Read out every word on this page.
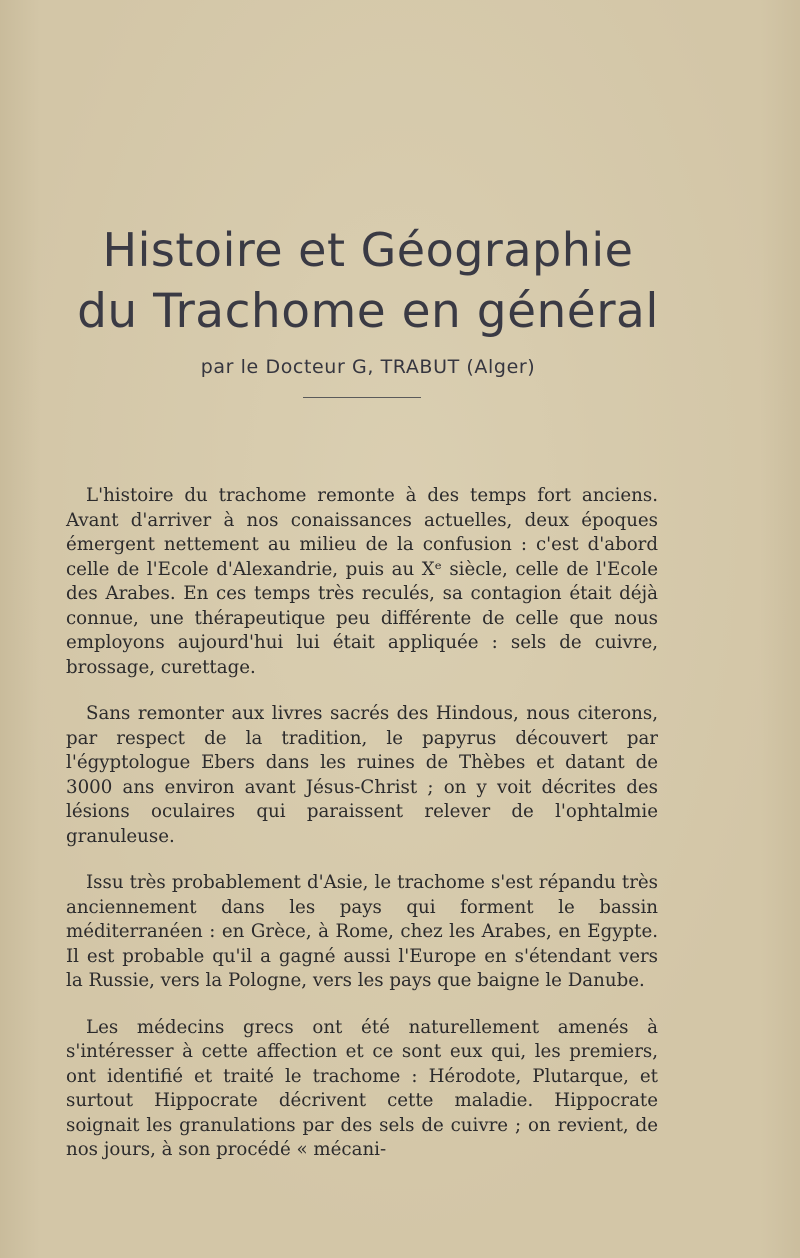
Histoire et Géographie
du Trachome en général
par le Docteur G, TRABUT (Alger)

L'histoire du trachome remonte à des temps fort anciens. Avant d'arriver à nos conaissances actuelles, deux époques émergent nettement au milieu de la confusion : c'est d'abord celle de l'Ecole d'Alexandrie, puis au Xᵉ siècle, celle de l'Ecole des Arabes. En ces temps très reculés, sa contagion était déjà connue, une thérapeutique peu différente de celle que nous employons aujourd'hui lui était appliquée : sels de cuivre, brossage, curettage.

Sans remonter aux livres sacrés des Hindous, nous citerons, par respect de la tradition, le papyrus découvert par l'égyptologue Ebers dans les ruines de Thèbes et datant de 3000 ans environ avant Jésus-Christ ; on y voit décrites des lésions oculaires qui paraissent relever de l'ophtalmie granuleuse.

Issu très probablement d'Asie, le trachome s'est répandu très anciennement dans les pays qui forment le bassin méditerranéen : en Grèce, à Rome, chez les Arabes, en Egypte. Il est probable qu'il a gagné aussi l'Europe en s'étendant vers la Russie, vers la Pologne, vers les pays que baigne le Danube.

Les médecins grecs ont été naturellement amenés à s'intéresser à cette affection et ce sont eux qui, les premiers, ont identifié et traité le trachome : Hérodote, Plutarque, et surtout Hippocrate décrivent cette maladie. Hippocrate soignait les granulations par des sels de cuivre ; on revient, de nos jours, à son procédé « mécani-
